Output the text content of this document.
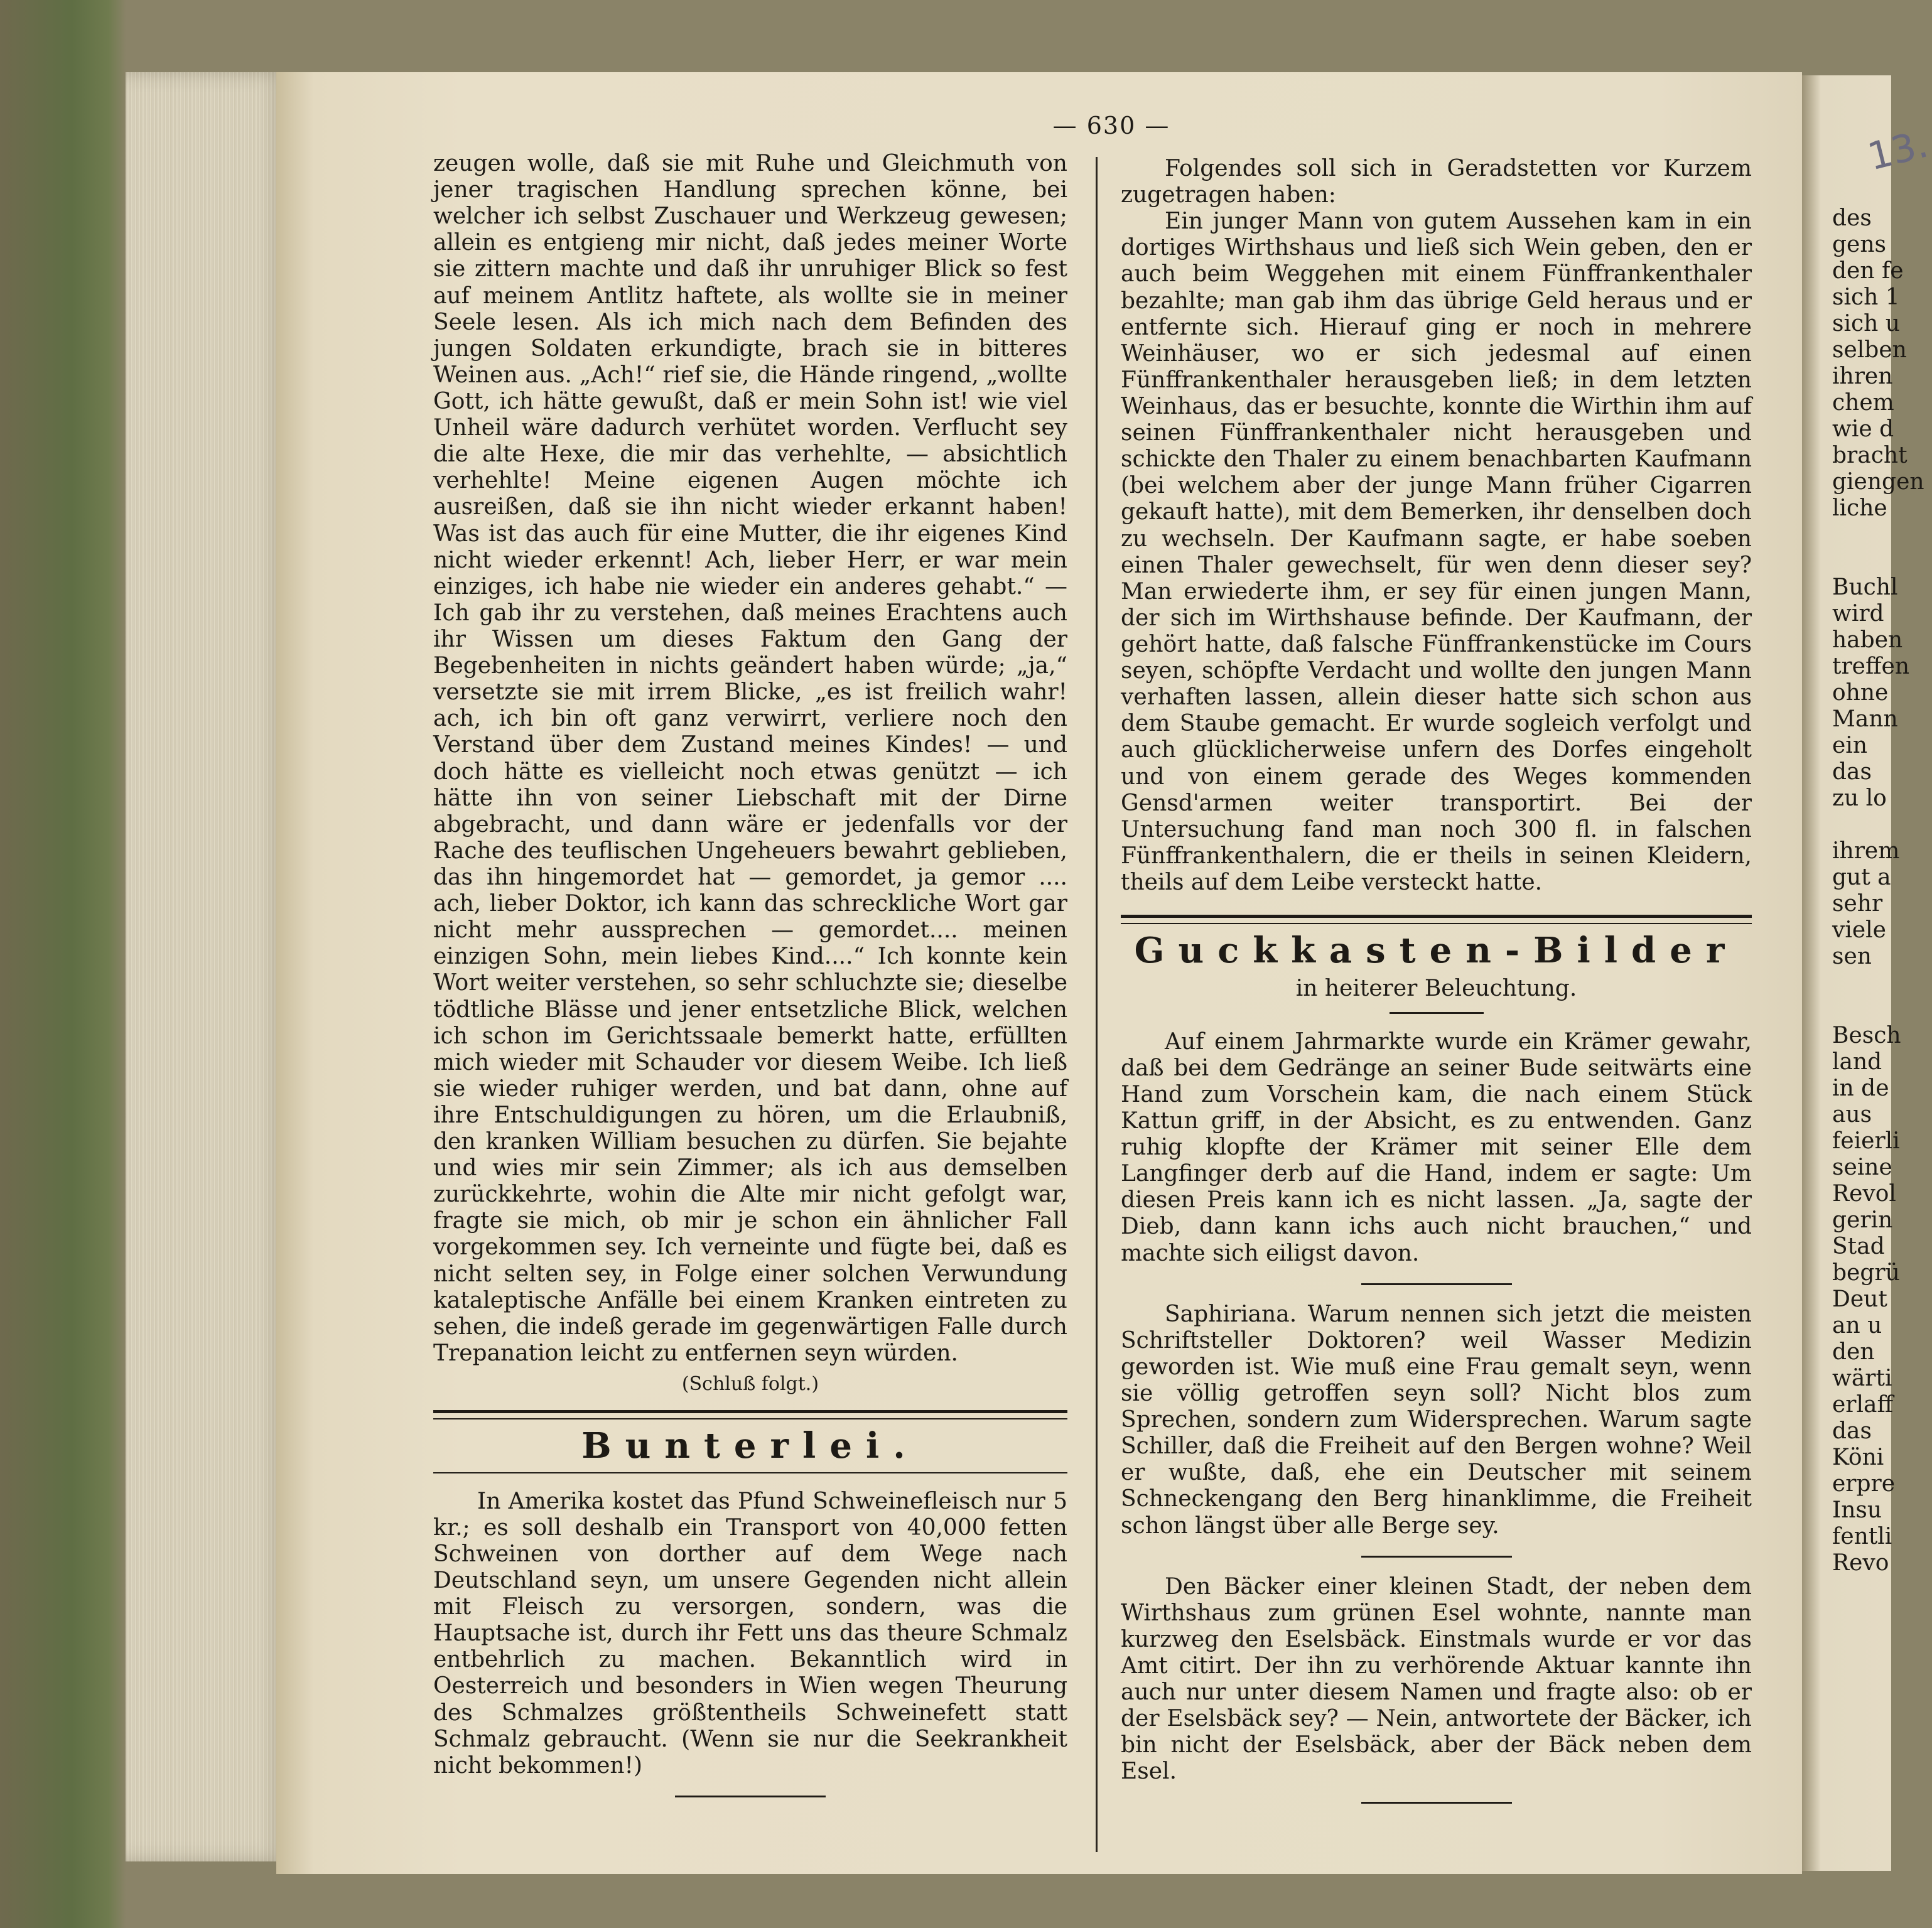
— 630 —	13.

zeugen wolle, daß sie mit Ruhe und Gleichmuth von jener tragischen Handlung sprechen könne, bei welcher ich selbst Zuschauer und Werkzeug gewesen; allein es entgieng mir nicht, daß jedes meiner Worte sie zittern machte und daß ihr unruhiger Blick so fest auf meinem Antlitz haftete, als wollte sie in meiner Seele lesen. Als ich mich nach dem Befinden des jungen Soldaten erkundigte, brach sie in bitteres Weinen aus. „Ach!“ rief sie, die Hände ringend, „wollte Gott, ich hätte gewußt, daß er mein Sohn ist! wie viel Unheil wäre dadurch verhütet worden. Verflucht sey die alte Hexe, die mir das verhehlte, — absichtlich verhehlte! Meine eigenen Augen möchte ich ausreißen, daß sie ihn nicht wieder erkannt haben! Was ist das auch für eine Mutter, die ihr eigenes Kind nicht wieder erkennt! Ach, lieber Herr, er war mein einziges, ich habe nie wieder ein anderes gehabt.“ — Ich gab ihr zu verstehen, daß meines Erachtens auch ihr Wissen um dieses Faktum den Gang der Begebenheiten in nichts geändert haben würde; „ja,“ versetzte sie mit irrem Blicke, „es ist freilich wahr! ach, ich bin oft ganz verwirrt, verliere noch den Verstand über dem Zustand meines Kindes! — und doch hätte es vielleicht noch etwas genützt — ich hätte ihn von seiner Liebschaft mit der Dirne abgebracht, und dann wäre er jedenfalls vor der Rache des teuflischen Ungeheuers bewahrt geblieben, das ihn hingemordet hat — gemordet, ja gemor .... ach, lieber Doktor, ich kann das schreckliche Wort gar nicht mehr aussprechen — gemordet.... meinen einzigen Sohn, mein liebes Kind....“ Ich konnte kein Wort weiter verstehen, so sehr schluchzte sie; dieselbe tödtliche Blässe und jener entsetzliche Blick, welchen ich schon im Gerichtssaale bemerkt hatte, erfüllten mich wieder mit Schauder vor diesem Weibe. Ich ließ sie wieder ruhiger werden, und bat dann, ohne auf ihre Entschuldigungen zu hören, um die Erlaubniß, den kranken William besuchen zu dürfen. Sie bejahte und wies mir sein Zimmer; als ich aus demselben zurückkehrte, wohin die Alte mir nicht gefolgt war, fragte sie mich, ob mir je schon ein ähnlicher Fall vorgekommen sey. Ich verneinte und fügte bei, daß es nicht selten sey, in Folge einer solchen Verwundung kataleptische Anfälle bei einem Kranken eintreten zu sehen, die indeß gerade im gegenwärtigen Falle durch Trepanation leicht zu entfernen seyn würden.

(Schluß folgt.)
Bunterlei.

In Amerika kostet das Pfund Schweinefleisch nur 5 kr.; es soll deshalb ein Transport von 40,000 fetten Schweinen von dorther auf dem Wege nach Deutschland seyn, um unsere Gegenden nicht allein mit Fleisch zu versorgen, sondern, was die Hauptsache ist, durch ihr Fett uns das theure Schmalz entbehrlich zu machen. Bekanntlich wird in Oesterreich und besonders in Wien wegen Theurung des Schmalzes größtentheils Schweinefett statt Schmalz gebraucht. (Wenn sie nur die Seekrankheit nicht bekommen!)

Folgendes soll sich in Geradstetten vor Kurzem zugetragen haben:

Ein junger Mann von gutem Aussehen kam in ein dortiges Wirthshaus und ließ sich Wein geben, den er auch beim Weggehen mit einem Fünffrankenthaler bezahlte; man gab ihm das übrige Geld heraus und er entfernte sich. Hierauf ging er noch in mehrere Weinhäuser, wo er sich jedesmal auf einen Fünffrankenthaler herausgeben ließ; in dem letzten Weinhaus, das er besuchte, konnte die Wirthin ihm auf seinen Fünffrankenthaler nicht herausgeben und schickte den Thaler zu einem benachbarten Kaufmann (bei welchem aber der junge Mann früher Cigarren gekauft hatte), mit dem Bemerken, ihr denselben doch zu wechseln. Der Kaufmann sagte, er habe soeben einen Thaler gewechselt, für wen denn dieser sey? Man erwiederte ihm, er sey für einen jungen Mann, der sich im Wirthshause befinde. Der Kaufmann, der gehört hatte, daß falsche Fünffrankenstücke im Cours seyen, schöpfte Verdacht und wollte den jungen Mann verhaften lassen, allein dieser hatte sich schon aus dem Staube gemacht. Er wurde sogleich verfolgt und auch glücklicherweise unfern des Dorfes eingeholt und von einem gerade des Weges kommenden Gensd'armen weiter transportirt. Bei der Untersuchung fand man noch 300 fl. in falschen Fünffrankenthalern, die er theils in seinen Kleidern, theils auf dem Leibe versteckt hatte.

Guckkasten-Bilder
in heiterer Beleuchtung.

Auf einem Jahrmarkte wurde ein Krämer gewahr, daß bei dem Gedränge an seiner Bude seitwärts eine Hand zum Vorschein kam, die nach einem Stück Kattun griff, in der Absicht, es zu entwenden. Ganz ruhig klopfte der Krämer mit seiner Elle dem Langfinger derb auf die Hand, indem er sagte: Um diesen Preis kann ich es nicht lassen. „Ja, sagte der Dieb, dann kann ichs auch nicht brauchen,“ und machte sich eiligst davon.

Saphiriana. Warum nennen sich jetzt die meisten Schriftsteller Doktoren? weil Wasser Medizin geworden ist. Wie muß eine Frau gemalt seyn, wenn sie völlig getroffen seyn soll? Nicht blos zum Sprechen, sondern zum Widersprechen. Warum sagte Schiller, daß die Freiheit auf den Bergen wohne? Weil er wußte, daß, ehe ein Deutscher mit seinem Schneckengang den Berg hinanklimme, die Freiheit schon längst über alle Berge sey.

Den Bäcker einer kleinen Stadt, der neben dem Wirthshaus zum grünen Esel wohnte, nannte man kurzweg den Eselsbäck. Einstmals wurde er vor das Amt citirt. Der ihn zu verhörende Aktuar kannte ihn auch nur unter diesem Namen und fragte also: ob er der Eselsbäck sey? — Nein, antwortete der Bäcker, ich bin nicht der Eselsbäck, aber der Bäck neben dem Esel.

des
gens
den fe
sich 1
sich u
selben
ihren
chem
wie d
bracht
giengen
liche
Buchl
wird
haben
treffen
ohne
Mann
ein
das
zu lo
ihrem
gut a
sehr
viele
sen
Besch
land
in de
aus
feierli
seine
Revol
gerin
Stad
begrü
Deut
an u
den
wärti
erlaff
das
Köni
erpre
Insu
fentli
Revo
